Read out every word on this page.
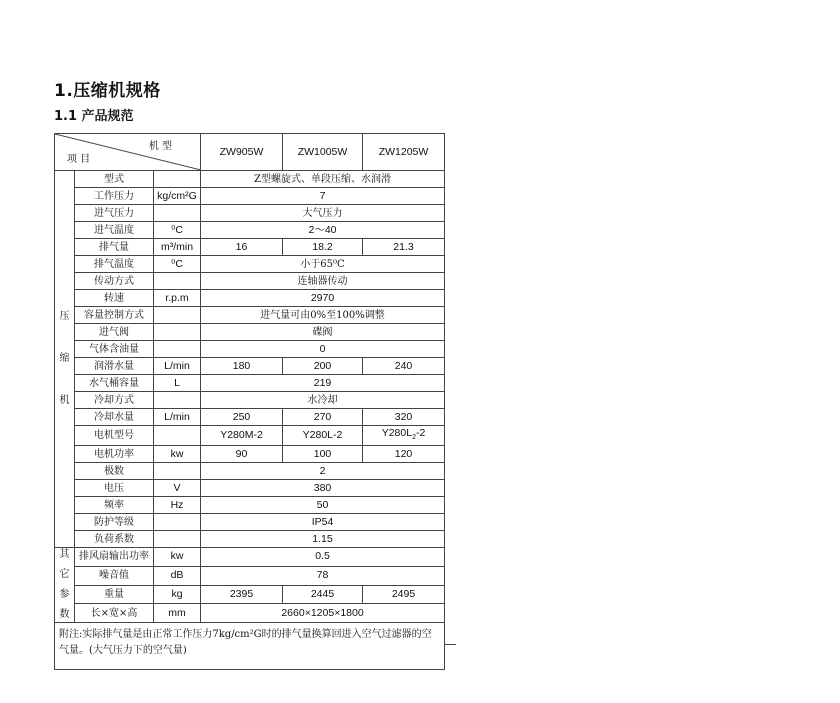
1.压缩机规格
1.1 产品规范
机 型
项 目			ZW905W	ZW1005W	ZW1205W

压
缩
机	型式		Z型螺旋式、单段压缩、水润滑		
	工作压力	kg/cm²G	7		
	进气压力		大气压力		
	进气温度	⁰C	2～40		
	排气量	m³/min	16	18.2	21.3
	排气温度	⁰C	小于65⁰C		
	传动方式		连轴器传动		
	转速	r.p.m	2970		
	容量控制方式		进气量可由0%至100%调整		
	进气阀		碟阀		
	气体含油量		0		
	润滑水量	L/min	180	200	240
	水气桶容量	L	219		
	冷却方式		水冷却		
	冷却水量	L/min	250	270	320
	电机型号		Y280M-2	Y280L-2	$Y280L_2-2$
	电机功率	kw	90	100	120
	极数		2		
	电压	V	380		
	频率	Hz	50		
	防护等级		IP54		
	负荷系数		1.15		

其
它
参
数	排风扇输出功率	kw	0.5		
	噪音值	dB	78		
	重量	kg	2395	2445	2495
	长×宽×高	mm	2660×1205×1800		
附注:实际排气量是由正常工作压力7kg/cm²G时的排气量换算回进入空气过滤器的空气量。(大气压力下的空气量)					
